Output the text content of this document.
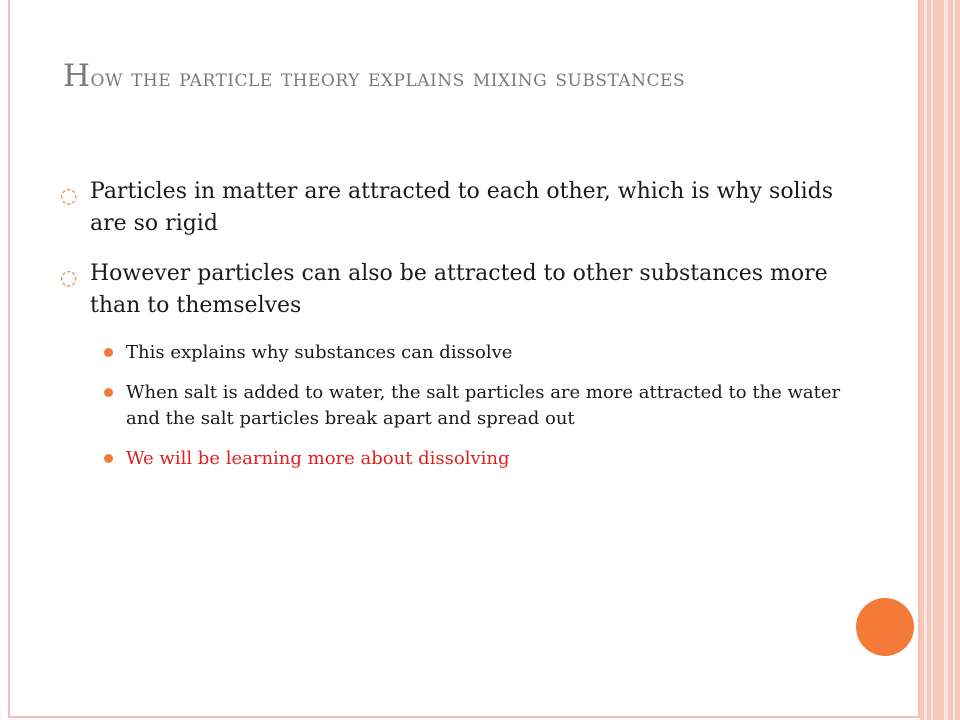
How the particle theory explains mixing substances
◌ Particles in matter are attracted to each other, which is why solids are so rigid
◌ However particles can also be attracted to other substances more than to themselves
This explains why substances can dissolve
When salt is added to water, the salt particles are more attracted to the water and the salt particles break apart and spread out
We will be learning more about dissolving
